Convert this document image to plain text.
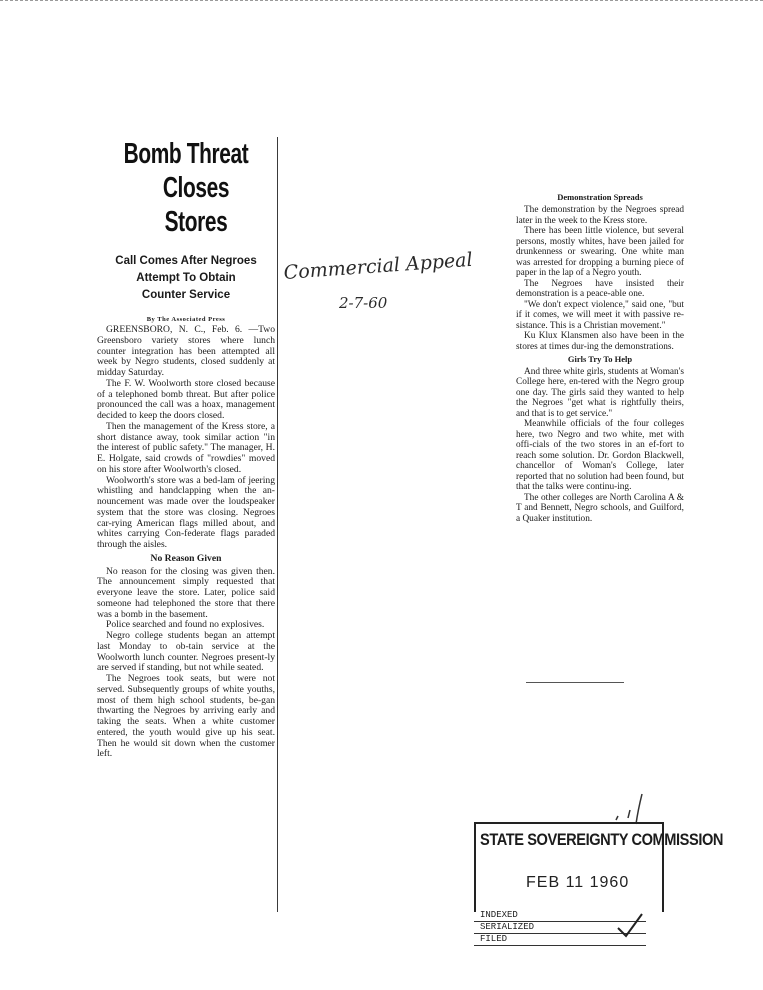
Bomb Threat
Closes Stores
Call Comes After Negroes
Attempt To Obtain
Counter Service
By The Associated Press

GREENSBORO, N. C., Feb. 6. —Two Greensboro variety stores where lunch counter integration has been attempted all week by Negro students, closed suddenly at midday Saturday.

The F. W. Woolworth store closed because of a telephoned bomb threat. But after police pronounced the call was a hoax, management decided to keep the doors closed.

Then the management of the Kress store, a short distance away, took similar action "in the interest of public safety." The manager, H. E. Holgate, said crowds of "rowdies" moved on his store after Woolworth's closed.

Woolworth's store was a bed-lam of jeering whistling and handclapping when the an-nouncement was made over the loudspeaker system that the store was closing. Negroes car-rying American flags milled about, and whites carrying Con-federate flags paraded through the aisles.

No Reason Given

No reason for the closing was given then. The announcement simply requested that everyone leave the store. Later, police said someone had telephoned the store that there was a bomb in the basement.

Police searched and found no explosives.

Negro college students began an attempt last Monday to ob-tain service at the Woolworth lunch counter. Negroes present-ly are served if standing, but not while seated.

The Negroes took seats, but were not served. Subsequently groups of white youths, most of them high school students, be-gan thwarting the Negroes by arriving early and taking the seats. When a white customer entered, the youth would give up his seat. Then he would sit down when the customer left.

Commercial Appeal
2-7-60
Demonstration Spreads

The demonstration by the Negroes spread later in the week to the Kress store.

There has been little violence, but several persons, mostly whites, have been jailed for drunkenness or swearing. One white man was arrested for dropping a burning piece of paper in the lap of a Negro youth.

The Negroes have insisted their demonstration is a peace-able one.

"We don't expect violence," said one, "but if it comes, we will meet it with passive re-sistance. This is a Christian movement."

Ku Klux Klansmen also have been in the stores at times dur-ing the demonstrations.

Girls Try To Help

And three white girls, students at Woman's College here, en-tered with the Negro group one day. The girls said they wanted to help the Negroes "get what is rightfully theirs, and that is to get service."

Meanwhile officials of the four colleges here, two Negro and two white, met with offi-cials of the two stores in an ef-fort to reach some solution. Dr. Gordon Blackwell, chancellor of Woman's College, later reported that no solution had been found, but that the talks were continu-ing.

The other colleges are North Carolina A & T and Bennett, Negro schools, and Guilford, a Quaker institution.

STATE SOVEREIGNTY COMMISSION
FEB 11 1960
INDEXED
SERIALIZED
FILED
